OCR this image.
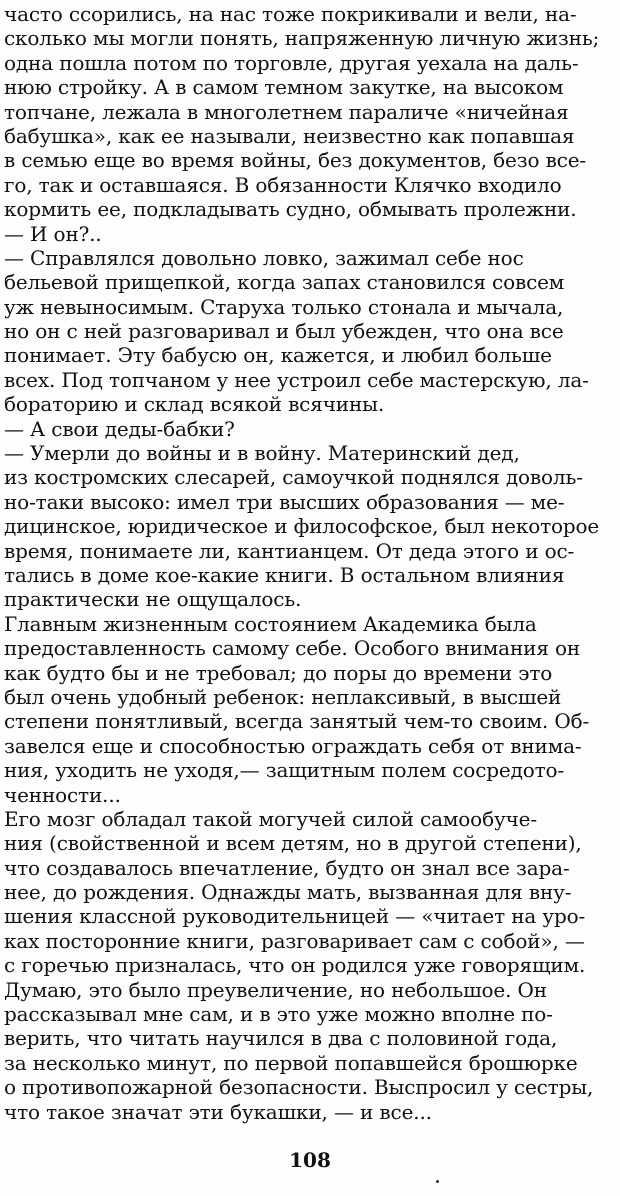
часто ссорились, на нас тоже покрикивали и вели, на-
сколько мы могли понять, напряженную личную жизнь;
одна пошла потом по торговле, другая уехала на даль-
нюю стройку. А в самом темном закутке, на высоком
топчане, лежала в многолетнем параличе «ничейная
бабушка», как ее называли, неизвестно как попавшая
в семью еще во время войны, без документов, безо все-
го, так и оставшаяся. В обязанности Клячко входило
кормить ее, подкладывать судно, обмывать пролежни.
— И он?..
— Справлялся довольно ловко, зажимал себе нос
бельевой прищепкой, когда запах становился совсем
уж невыносимым. Старуха только стонала и мычала,
но он с ней разговаривал и был убежден, что она все
понимает. Эту бабусю он, кажется, и любил больше
всех. Под топчаном у нее устроил себе мастерскую, ла-
бораторию и склад всякой всячины.
— А свои деды-бабки?
— Умерли до войны и в войну. Материнский дед,
из костромских слесарей, самоучкой поднялся доволь-
но-таки высоко: имел три высших образования — ме-
дицинское, юридическое и философское, был некоторое
время, понимаете ли, кантианцем. От деда этого и ос-
тались в доме кое-какие книги. В остальном влияния
практически не ощущалось.
Главным жизненным состоянием Академика была
предоставленность самому себе. Особого внимания он
как будто бы и не требовал; до поры до времени это
был очень удобный ребенок: неплаксивый, в высшей
степени понятливый, всегда занятый чем-то своим. Об-
завелся еще и способностью ограждать себя от внима-
ния, уходить не уходя,— защитным полем сосредото-
ченности...
Его мозг обладал такой могучей силой самообуче-
ния (свойственной и всем детям, но в другой степени),
что создавалось впечатление, будто он знал все зара-
нее, до рождения. Однажды мать, вызванная для вну-
шения классной руководительницей — «читает на уро-
ках посторонние книги, разговаривает сам с собой», —
с горечью призналась, что он родился уже говорящим.
Думаю, это было преувеличение, но небольшое. Он
рассказывал мне сам, и в это уже можно вполне по-
верить, что читать научился в два с половиной года,
за несколько минут, по первой попавшейся брошюрке
о противопожарной безопасности. Выспросил у сестры,
что такое значат эти букашки, — и все...
108
